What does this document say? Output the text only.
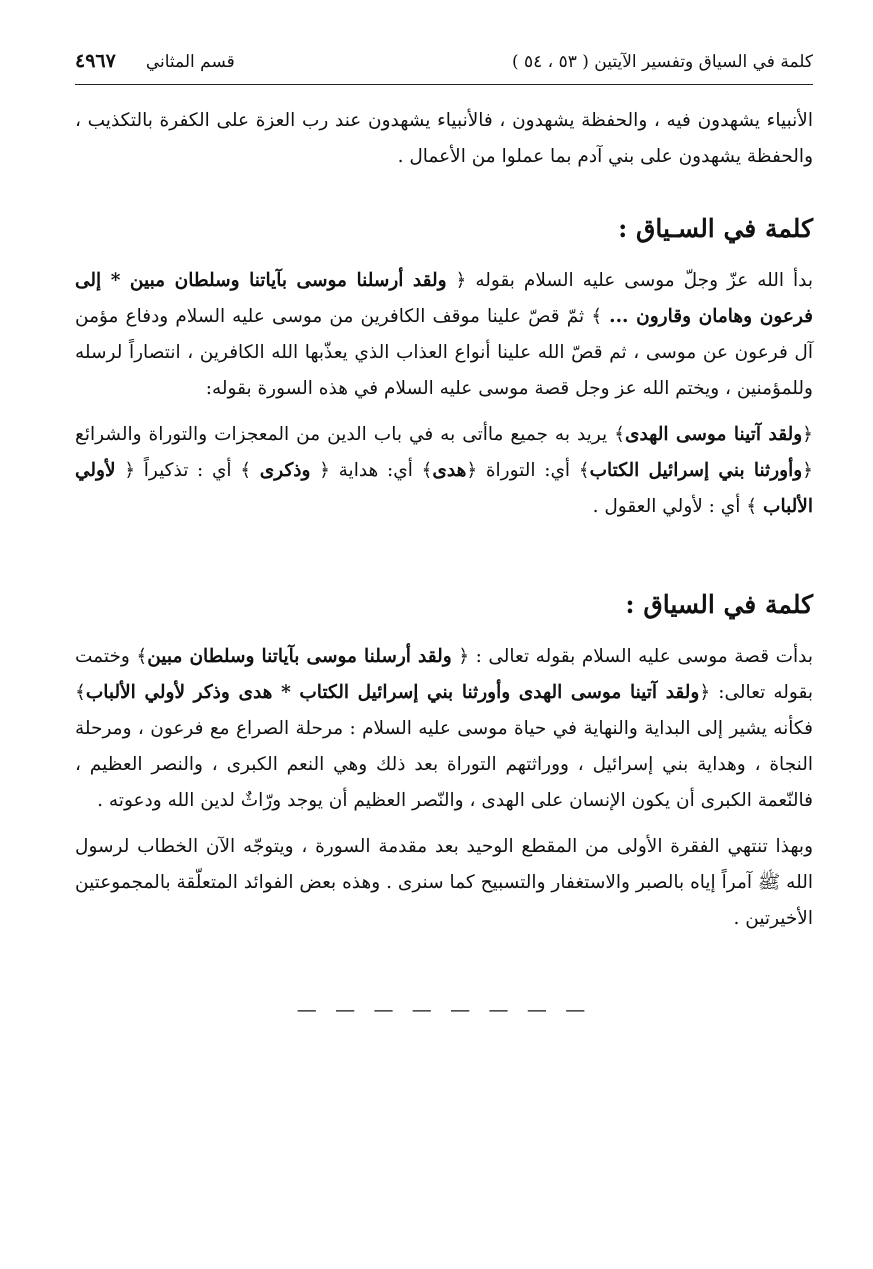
كلمة في السياق وتفسير الآيتين ( ٥٣ ، ٥٤ )
قسم المثاني
٤٩٦٧

الأنبياء يشهدون فيه ، والحفظة يشهدون ، فالأنبياء يشهدون عند رب العزة على الكفرة بالتكذيب ، والحفظة يشهدون على بني آدم بما عملوا من الأعمال .

كلمة في السـياق :

بدأ الله عزّ وجلّ موسى عليه السلام بقوله ﴿ ولقد أرسلنا موسى بآياتنا وسلطان مبين * إلى فرعون وهامان وقارون ... ﴾ ثمّ قصّ علينا موقف الكافرين من موسى عليه السلام ودفاع مؤمن آل فرعون عن موسى ، ثم قصّ الله علينا أنواع العذاب الذي يعذّبها الله الكافرين ، انتصاراً لرسله وللمؤمنين ، ويختم الله عز وجل قصة موسى عليه السلام في هذه السورة بقوله:

﴿ولقد آتينا موسى الهدى﴾ يريد به جميع ماأتى به في باب الدين من المعجزات والتوراة والشرائع ﴿وأورثنا بني إسرائيل الكتاب﴾ أي: التوراة ﴿هدى﴾ أي: هداية ﴿ وذكرى ﴾ أي : تذكيراً ﴿ لأولي الألباب ﴾ أي : لأولي العقول .

كلمة في السياق :

بدأت قصة موسى عليه السلام بقوله تعالى : ﴿ ولقد أرسلنا موسى بآياتنا وسلطان مبين﴾ وختمت بقوله تعالى: ﴿ولقد آتينا موسى الهدى وأورثنا بني إسرائيل الكتاب * هدى وذكر لأولي الألباب﴾ فكأنه يشير إلى البداية والنهاية في حياة موسى عليه السلام : مرحلة الصراع مع فرعون ، ومرحلة النجاة ، وهداية بني إسرائيل ، ووراثتهم التوراة بعد ذلك وهي النعم الكبرى ، والنصر العظيم ، فالنّعمة الكبرى أن يكون الإنسان على الهدى ، والنّصر العظيم أن يوجد ورّاثٌ لدين الله ودعوته .

وبهذا تنتهي الفقرة الأولى من المقطع الوحيد بعد مقدمة السورة ، ويتوجّه الآن الخطاب لرسول الله ﷺ آمراً إياه بالصبر والاستغفار والتسبيح كما سنرى . وهذه بعض الفوائد المتعلّقة بالمجموعتين الأخيرتين .

— — — — — — — —
